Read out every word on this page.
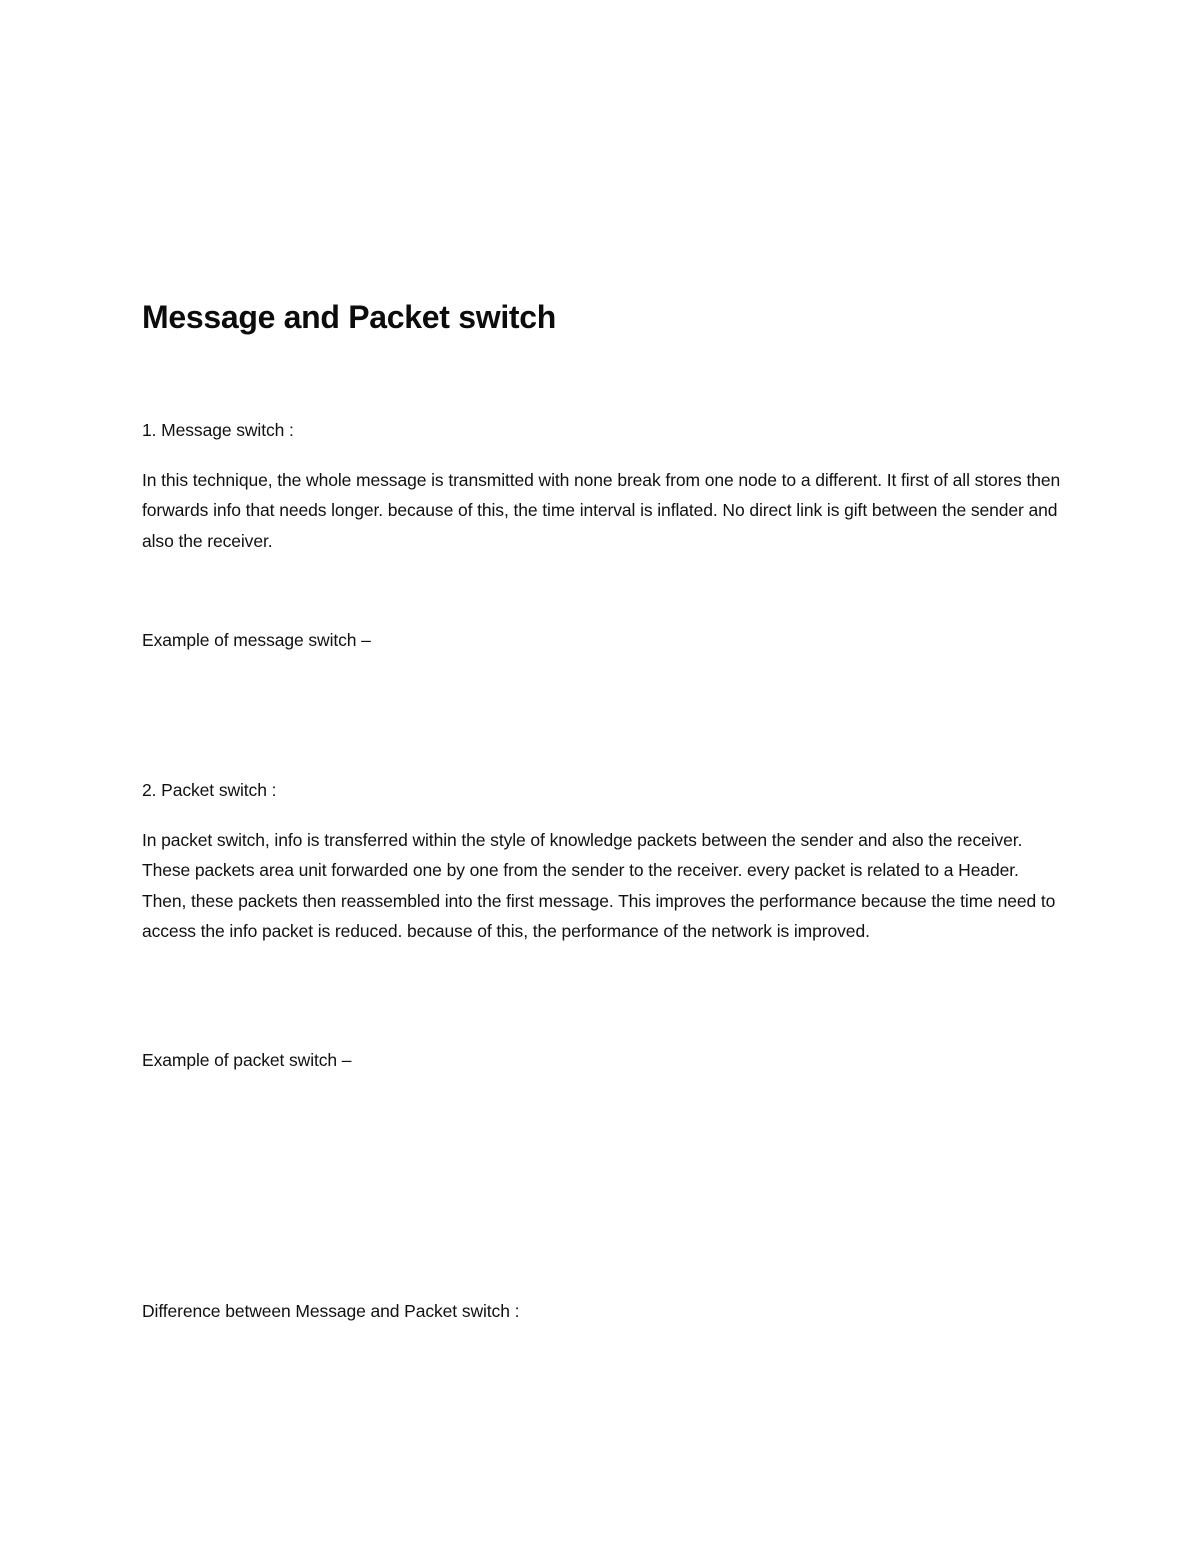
Message and Packet switch

1. Message switch :

In this technique, the whole message is transmitted with none break from one node to a different. It first of all stores then forwards info that needs longer. because of this, the time interval is inflated. No direct link is gift between the sender and also the receiver.

Example of message switch –

2. Packet switch :

In packet switch, info is transferred within the style of knowledge packets between the sender and also the receiver. These packets area unit forwarded one by one from the sender to the receiver. every packet is related to a Header. Then, these packets then reassembled into the first message. This improves the performance because the time need to access the info packet is reduced. because of this, the performance of the network is improved.

Example of packet switch –

Difference between Message and Packet switch :
